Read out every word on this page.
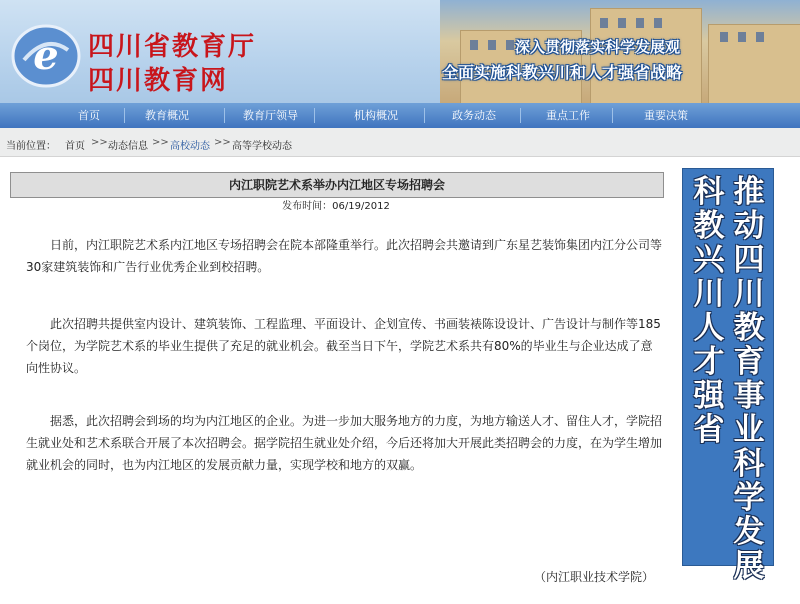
e 四川省教育厅
四川教育网
深入贯彻落实科学发展观
全面实施科教兴川和人才强省战略
首页	教育概况	教育厅领导	机构概况	政务动态	重点工作	重要决策
当前位置： 首页 >> 动态信息 >> 高校动态 >> 高等学校动态
内江职院艺术系举办内江地区专场招聘会
发布时间：06/19/2012

日前，内江职院艺术系内江地区专场招聘会在院本部隆重举行。此次招聘会共邀请到广东星艺装饰集团内江分公司等30家建筑装饰和广告行业优秀企业到校招聘。

此次招聘共提供室内设计、建筑装饰、工程监理、平面设计、企划宣传、书画装裱陈设设计、广告设计与制作等185个岗位，为学院艺术系的毕业生提供了充足的就业机会。截至当日下午，学院艺术系共有80%的毕业生与企业达成了意向性协议。

据悉，此次招聘会到场的均为内江地区的企业。为进一步加大服务地方的力度，为地方输送人才、留住人才，学院招生就业处和艺术系联合开展了本次招聘会。据学院招生就业处介绍，今后还将加大开展此类招聘会的力度，在为学生增加就业机会的同时，也为内江地区的发展贡献力量，实现学校和地方的双赢。

（内江职业技术学院）
推动四川教育事业科学发展
科教兴川 人才强省
